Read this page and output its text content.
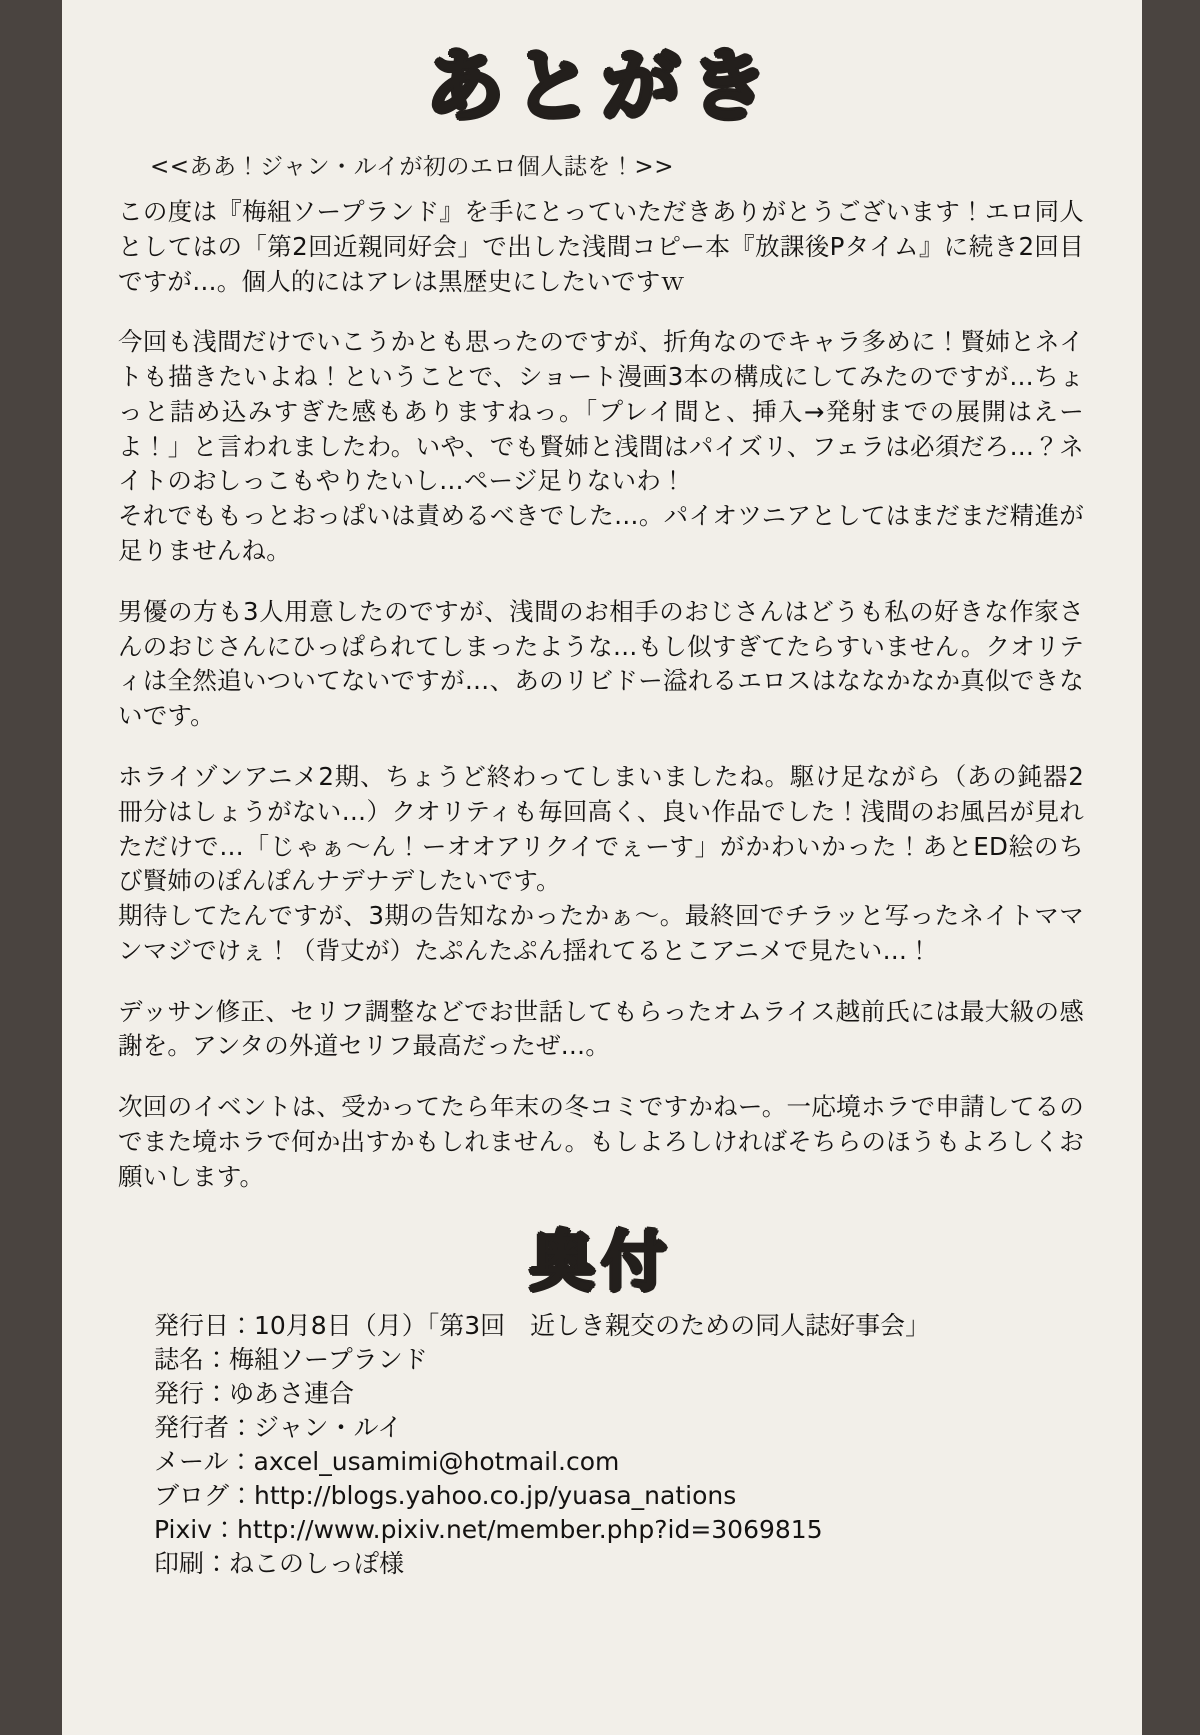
あとがき
<<ああ！ジャン・ルイが初のエロ個人誌を！>>

この度は『梅組ソープランド』を手にとっていただきありがとうございます！エロ同人としてはの「第2回近親同好会」で出した浅間コピー本『放課後Pタイム』に続き2回目ですが…。個人的にはアレは黒歴史にしたいですｗ

今回も浅間だけでいこうかとも思ったのですが、折角なのでキャラ多めに！賢姉とネイトも描きたいよね！ということで、ショート漫画3本の構成にしてみたのですが…ちょっと詰め込みすぎた感もありますねっ。「プレイ間と、挿入→発射までの展開はえーよ！」と言われましたわ。いや、でも賢姉と浅間はパイズリ、フェラは必須だろ…？ネイトのおしっこもやりたいし…ページ足りないわ！

それでももっとおっぱいは責めるべきでした…。パイオツニアとしてはまだまだ精進が足りませんね。

男優の方も3人用意したのですが、浅間のお相手のおじさんはどうも私の好きな作家さんのおじさんにひっぱられてしまったような…もし似すぎてたらすいません。クオリティは全然追いついてないですが…、あのリビドー溢れるエロスはななかなか真似できないです。

ホライゾンアニメ2期、ちょうど終わってしまいましたね。駆け足ながら（あの鈍器2冊分はしょうがない…）クオリティも毎回高く、良い作品でした！浅間のお風呂が見れただけで…「じゃぁ～ん！ーオオアリクイでぇーす」がかわいかった！あとED絵のちび賢姉のぽんぽんナデナデしたいです。

期待してたんですが、3期の告知なかったかぁ～。最終回でチラッと写ったネイトママンマジでけぇ！（背丈が）たぷんたぷん揺れてるとこアニメで見たい…！

デッサン修正、セリフ調整などでお世話してもらったオムライス越前氏には最大級の感謝を。アンタの外道セリフ最高だったぜ…。

次回のイベントは、受かってたら年末の冬コミですかねー。一応境ホラで申請してるのでまた境ホラで何か出すかもしれません。もしよろしければそちらのほうもよろしくお願いします。

奥付
発行日：10月8日（月）「第3回　近しき親交のための同人誌好事会」
誌名：梅組ソープランド
発行：ゆあさ連合
発行者：ジャン・ルイ
メール：axcel_usamimi@hotmail.com
ブログ：http://blogs.yahoo.co.jp/yuasa_nations
Pixiv：http://www.pixiv.net/member.php?id=3069815
印刷：ねこのしっぽ様
